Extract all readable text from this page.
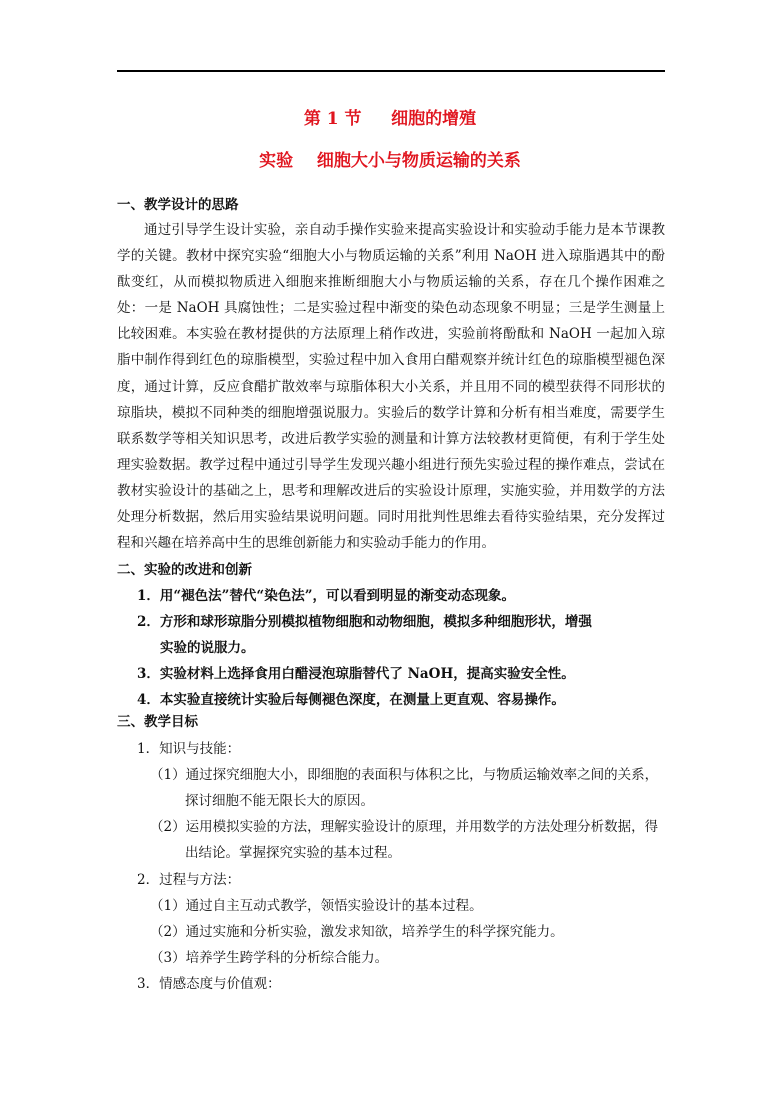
第 1 节     细胞的增殖
实验    细胞大小与物质运输的关系
一、教学设计的思路
通过引导学生设计实验，亲自动手操作实验来提高实验设计和实验动手能力是本节课教学的关键。教材中探究实验“细胞大小与物质运输的关系”利用 NaOH 进入琼脂遇其中的酚酞变红，从而模拟物质进入细胞来推断细胞大小与物质运输的关系，存在几个操作困难之处：一是 NaOH 具腐蚀性；二是实验过程中渐变的染色动态现象不明显；三是学生测量上比较困难。本实验在教材提供的方法原理上稍作改进，实验前将酚酞和 NaOH 一起加入琼脂中制作得到红色的琼脂模型，实验过程中加入食用白醋观察并统计红色的琼脂模型褪色深度，通过计算，反应食醋扩散效率与琼脂体积大小关系，并且用不同的模型获得不同形状的琼脂块，模拟不同种类的细胞增强说服力。实验后的数学计算和分析有相当难度，需要学生联系数学等相关知识思考，改进后教学实验的测量和计算方法较教材更简便，有利于学生处理实验数据。教学过程中通过引导学生发现兴趣小组进行预先实验过程的操作难点，尝试在教材实验设计的基础之上，思考和理解改进后的实验设计原理，实施实验，并用数学的方法处理分析数据，然后用实验结果说明问题。同时用批判性思维去看待实验结果，充分发挥过程和兴趣在培养高中生的思维创新能力和实验动手能力的作用。
二、实验的改进和创新
1．用“褪色法”替代“染色法”，可以看到明显的渐变动态现象。
2．方形和球形琼脂分别模拟植物细胞和动物细胞，模拟多种细胞形状，增强
实验的说服力。
3．实验材料上选择食用白醋浸泡琼脂替代了 NaOH，提高实验安全性。
4．本实验直接统计实验后每侧褪色深度，在测量上更直观、容易操作。
三、教学目标
1．知识与技能：
（1）通过探究细胞大小，即细胞的表面积与体积之比，与物质运输效率之间的关系，
探讨细胞不能无限长大的原因。
（2）运用模拟实验的方法，理解实验设计的原理，并用数学的方法处理分析数据，得
出结论。掌握探究实验的基本过程。
2．过程与方法：
（1）通过自主互动式教学，领悟实验设计的基本过程。
（2）通过实施和分析实验，激发求知欲，培养学生的科学探究能力。
（3）培养学生跨学科的分析综合能力。
3．情感态度与价值观：
